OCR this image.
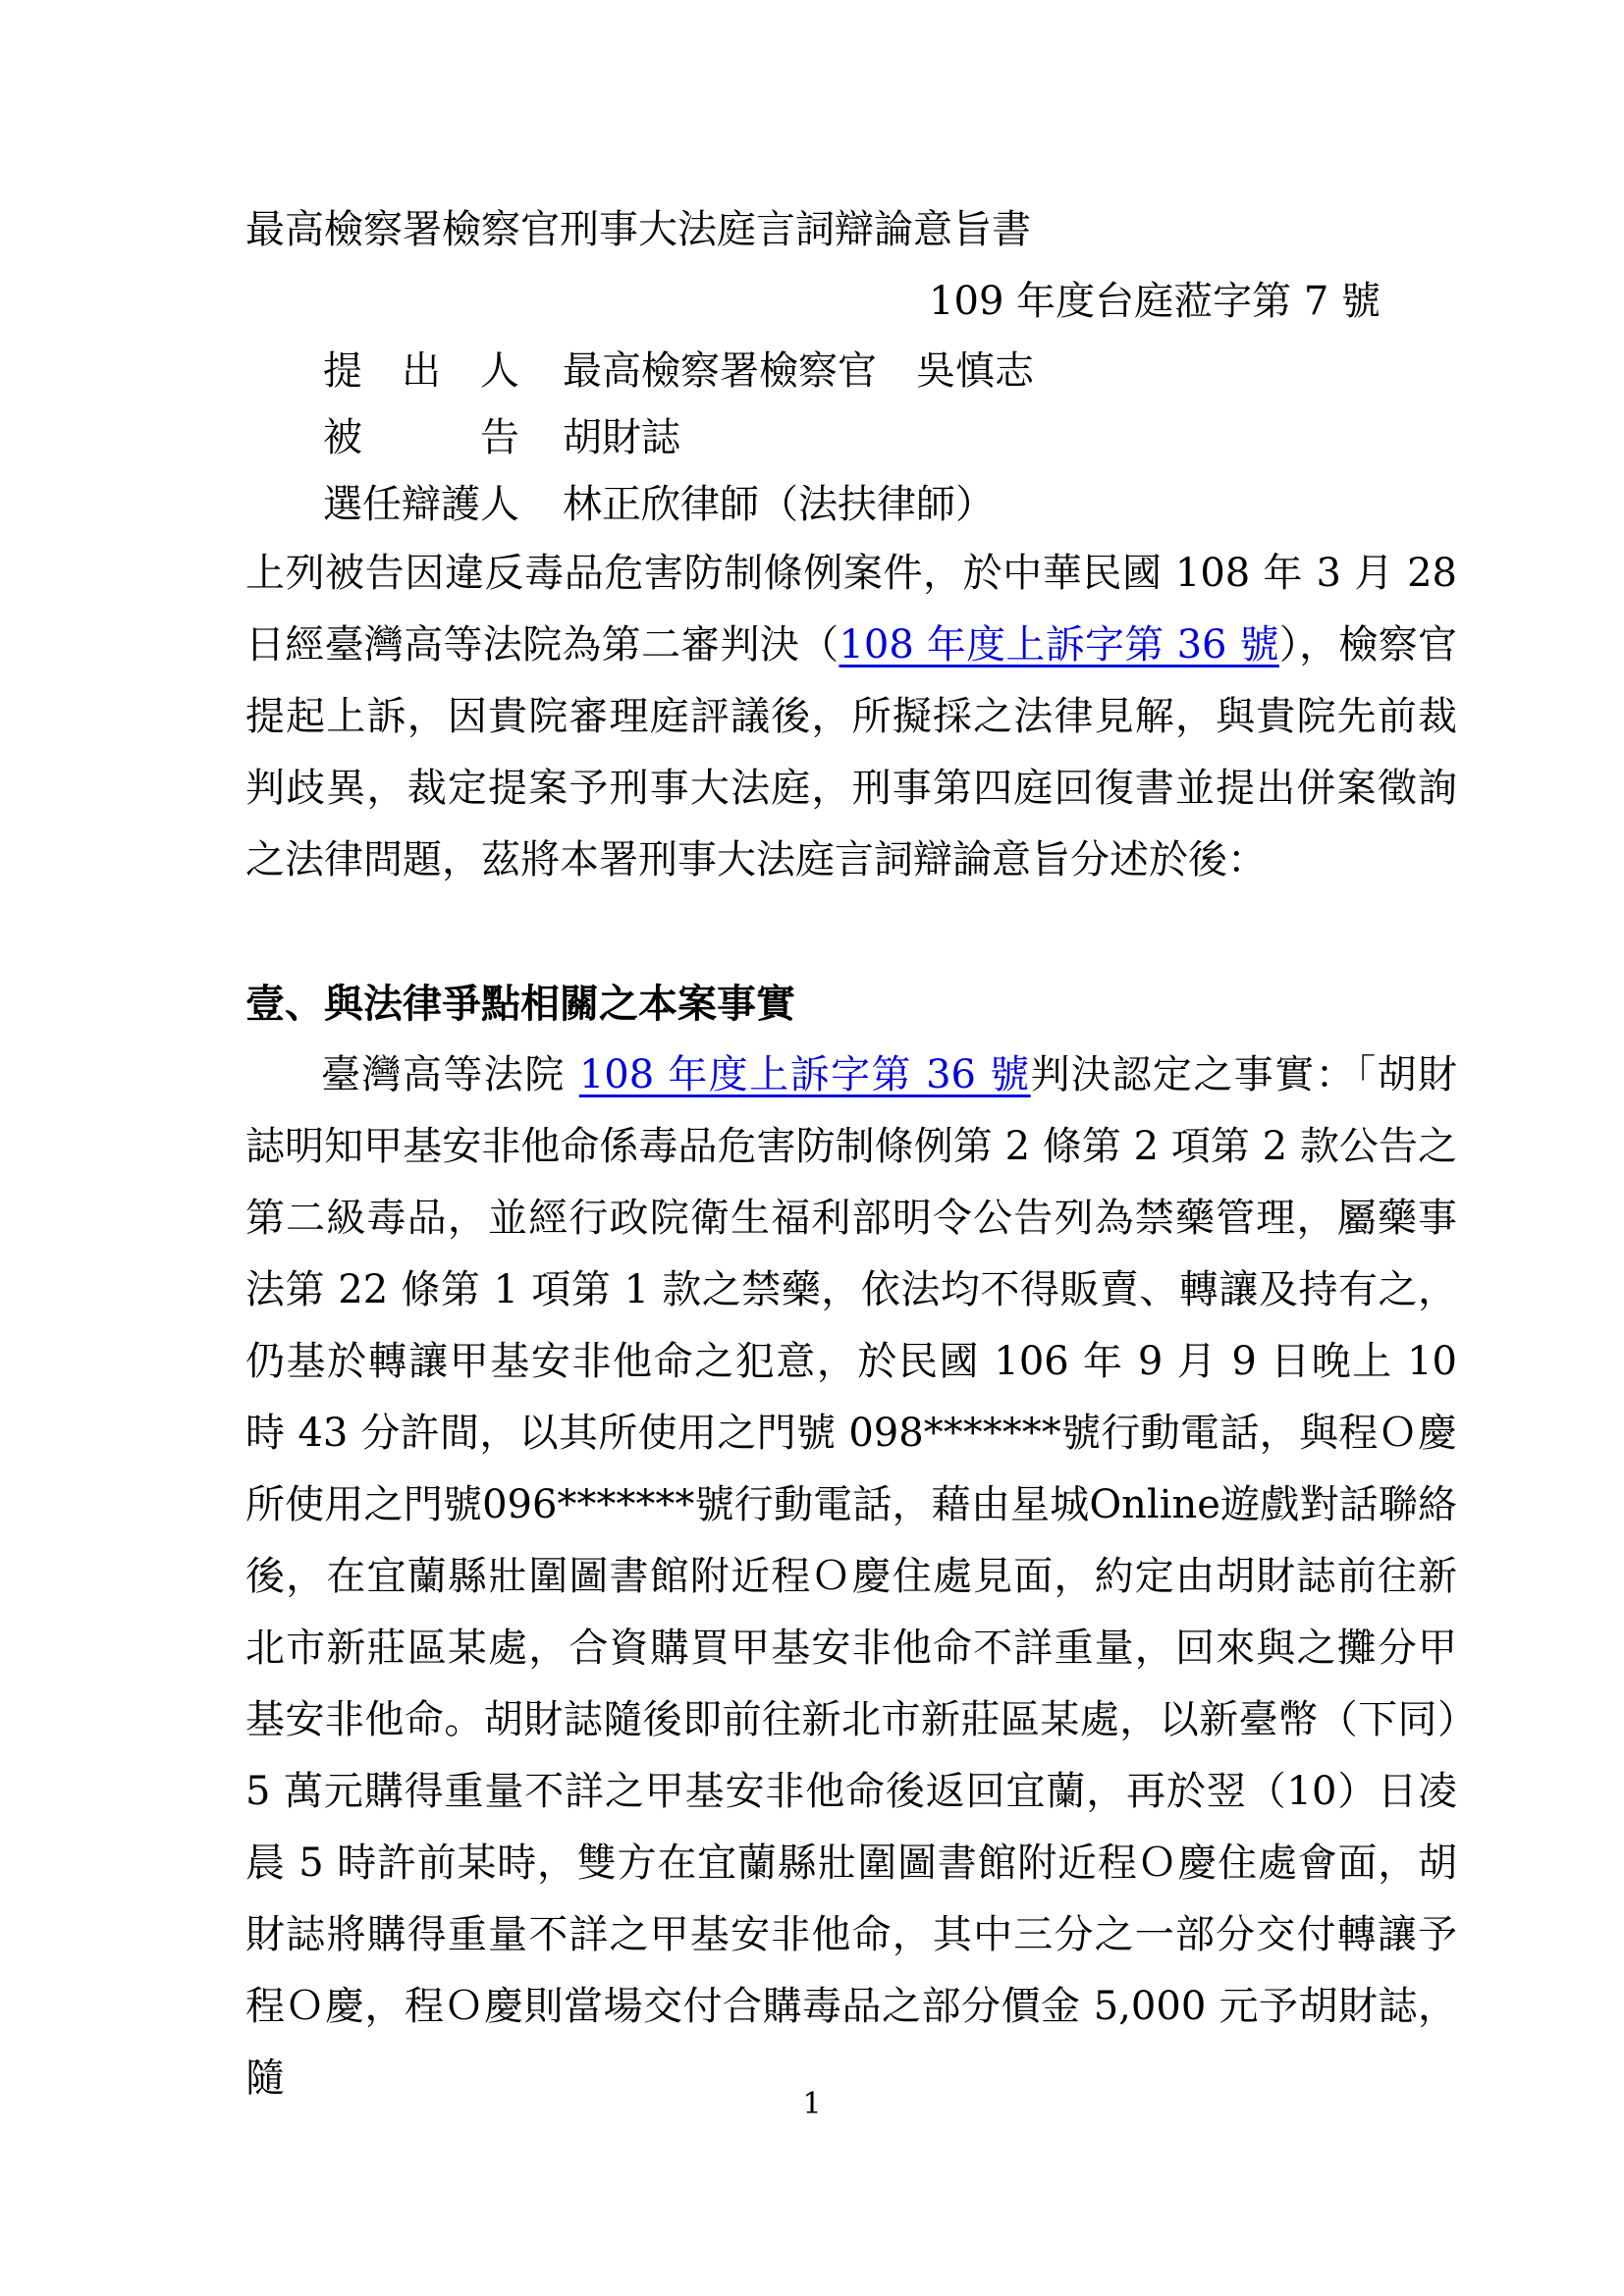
最高檢察署檢察官刑事大法庭言詞辯論意旨書
109 年度台庭蒞字第 7 號
提　出　人 最高檢察署檢察官　吳慎志
被　　　告 胡財誌
選任辯護人 林正欣律師（法扶律師）

上列被告因違反毒品危害防制條例案件，於中華民國 108 年 3 月 28 日經臺灣高等法院為第二審判決（108 年度上訴字第 36 號），檢察官提起上訴，因貴院審理庭評議後，所擬採之法律見解，與貴院先前裁判歧異，裁定提案予刑事大法庭，刑事第四庭回復書並提出併案徵詢之法律問題，茲將本署刑事大法庭言詞辯論意旨分述於後：

壹、與法律爭點相關之本案事實

臺灣高等法院 108 年度上訴字第 36 號判決認定之事實：「胡財誌明知甲基安非他命係毒品危害防制條例第 2 條第 2 項第 2 款公告之第二級毒品，並經行政院衛生福利部明令公告列為禁藥管理，屬藥事法第 22 條第 1 項第 1 款之禁藥，依法均不得販賣、轉讓及持有之，仍基於轉讓甲基安非他命之犯意，於民國 106 年 9 月 9 日晚上 10 時 43 分許間，以其所使用之門號 098*******號行動電話，與程Ｏ慶所使用之門號096*******號行動電話，藉由星城Online遊戲對話聯絡後，在宜蘭縣壯圍圖書館附近程Ｏ慶住處見面，約定由胡財誌前往新北市新莊區某處，合資購買甲基安非他命不詳重量，回來與之攤分甲基安非他命。胡財誌隨後即前往新北市新莊區某處，以新臺幣（下同）5 萬元購得重量不詳之甲基安非他命後返回宜蘭，再於翌（10）日凌晨 5 時許前某時，雙方在宜蘭縣壯圍圖書館附近程Ｏ慶住處會面，胡財誌將購得重量不詳之甲基安非他命，其中三分之一部分交付轉讓予程Ｏ慶，程Ｏ慶則當場交付合購毒品之部分價金 5,000 元予胡財誌，隨

1
